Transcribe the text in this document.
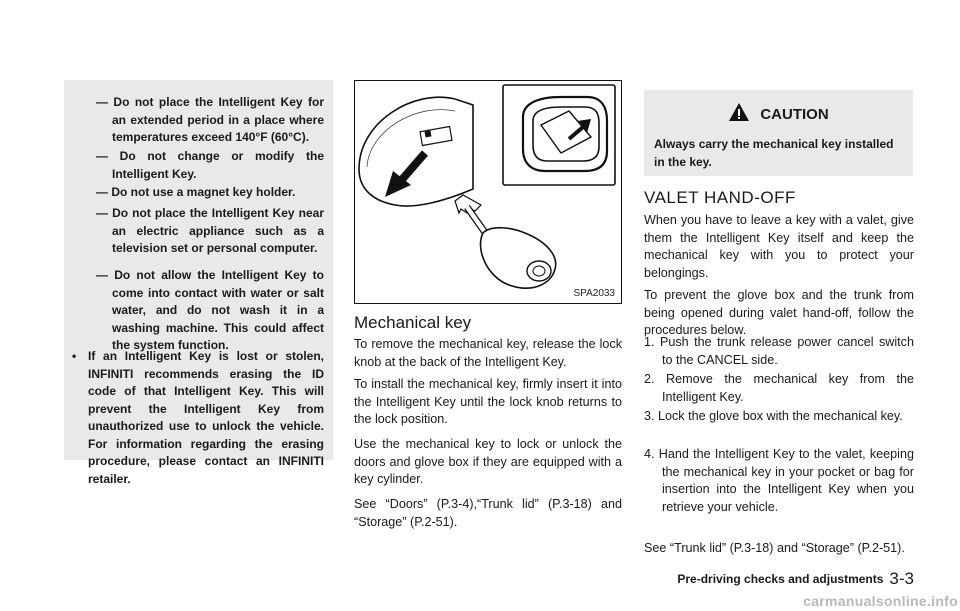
— Do not place the Intelligent Key for an extended period in a place where temperatures exceed 140°F (60°C).
— Do not change or modify the Intelligent Key.
— Do not use a magnet key holder.
— Do not place the Intelligent Key near an electric appliance such as a television set or personal computer.
— Do not allow the Intelligent Key to come into contact with water or salt water, and do not wash it in a washing machine. This could affect the system function.
• If an Intelligent Key is lost or stolen, INFINITI recommends erasing the ID code of that Intelligent Key. This will prevent the Intelligent Key from unauthorized use to unlock the vehicle. For information regarding the erasing procedure, please contact an INFINITI retailer.
SPA2033
Mechanical key
To remove the mechanical key, release the lock knob at the back of the Intelligent Key.
To install the mechanical key, firmly insert it into the Intelligent Key until the lock knob returns to the lock position.
Use the mechanical key to lock or unlock the doors and glove box if they are equipped with a key cylinder.
See “Doors” (P.3-4),“Trunk lid” (P.3-18) and “Storage” (P.2-51).
CAUTION
Always carry the mechanical key installed in the key.
VALET HAND-OFF
When you have to leave a key with a valet, give them the Intelligent Key itself and keep the mechanical key with you to protect your belongings.
To prevent the glove box and the trunk from being opened during valet hand-off, follow the procedures below.
1. Push the trunk release power cancel switch to the CANCEL side.
2. Remove the mechanical key from the Intelligent Key.
3. Lock the glove box with the mechanical key.
4. Hand the Intelligent Key to the valet, keeping the mechanical key in your pocket or bag for insertion into the Intelligent Key when you retrieve your vehicle.
See “Trunk lid” (P.3-18) and “Storage” (P.2-51).
Pre-driving checks and adjustments 3-3
carmanualsonline.info
